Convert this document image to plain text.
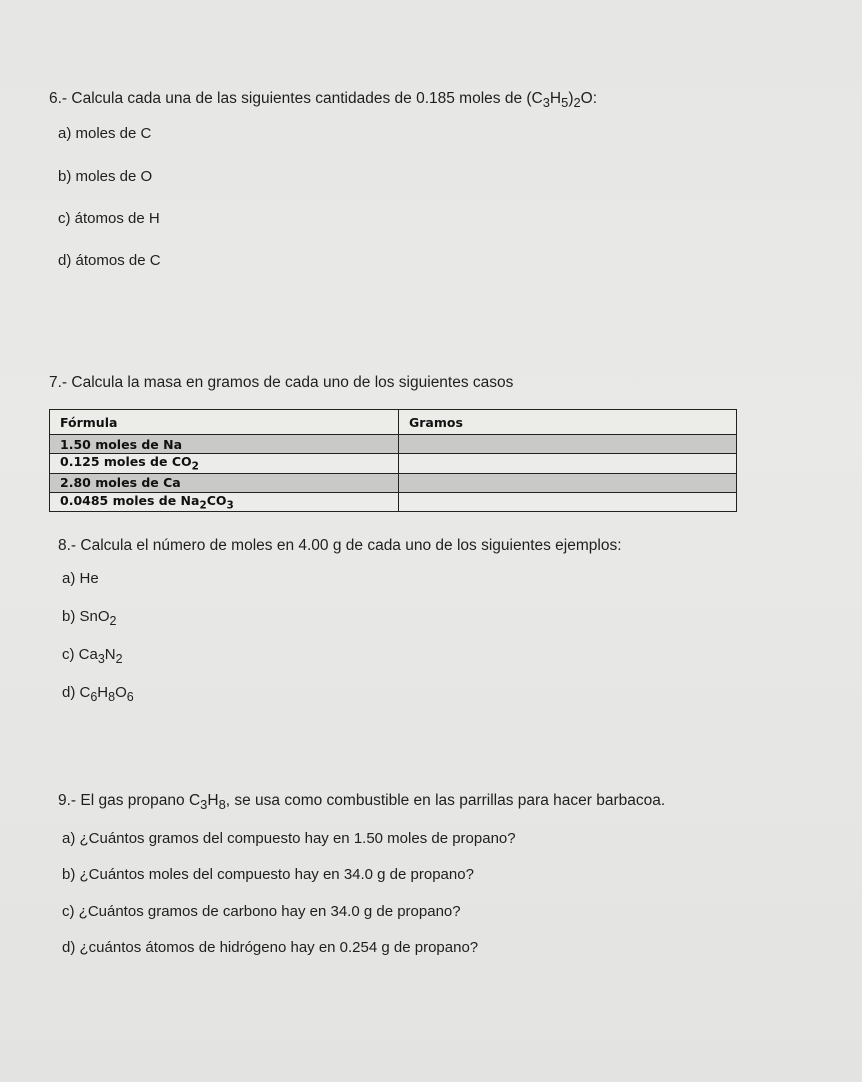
6.- Calcula cada una de las siguientes cantidades de 0.185 moles de $(C_3H_5)_2O$:
a) moles de C
b) moles de O
c) átomos de H
d) átomos de C
7.- Calcula la masa en gramos de cada uno de los siguientes casos
Fórmula	Gramos
1.50 moles de Na	
0.125 moles de $CO_2$	
2.80 moles de Ca	
0.0485 moles de $Na_2CO_3$	
8.- Calcula el número de moles en 4.00 g de cada uno de los siguientes ejemplos:
a) He
b) SnO$_2$
c) $Ca_3N_2$
d) $C_6H_8O_6$
9.- El gas propano $C_3H_8$, se usa como combustible en las parrillas para hacer barbacoa.
a) ¿Cuántos gramos del compuesto hay en 1.50 moles de propano?
b) ¿Cuántos moles del compuesto hay en 34.0 g de propano?
c) ¿Cuántos gramos de carbono hay en 34.0 g de propano?
d) ¿cuántos átomos de hidrógeno hay en 0.254 g de propano?
